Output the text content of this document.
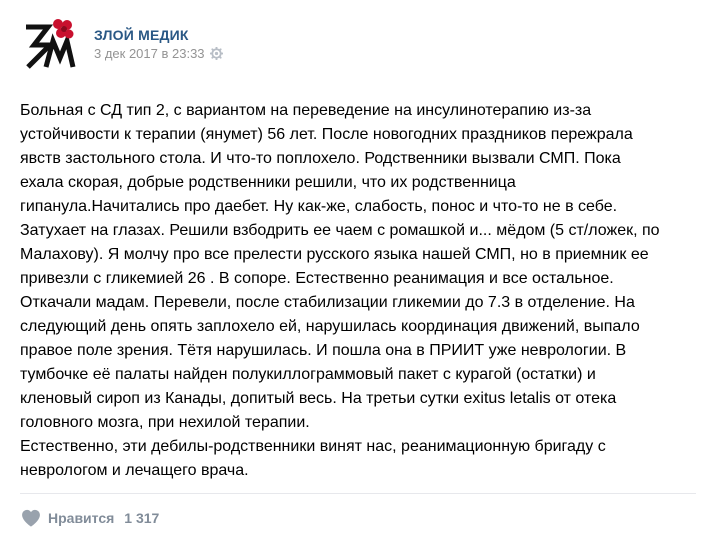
ЗЛОЙ МЕДИК
3 дек 2017 в 23:33
Больная с СД тип 2, с вариантом на переведение на инсулинотерапию из-за
устойчивости к терапии (янумет) 56 лет. После новогодних праздников пережрала
явств застольного стола. И что-то поплохело. Родственники вызвали СМП. Пока
ехала скорая, добрые родственники решили, что их родственница
гипанула.Начитались про даебет. Ну как-же, слабость, понос и что-то не в себе.
Затухает на глазах. Решили взбодрить ее чаем с ромашкой и... мёдом (5 ст/ложек, по
Малахову). Я молчу про все прелести русского языка нашей СМП, но в приемник ее
привезли с гликемией 26 . В сопоре. Естественно реанимация и все остальное.
Откачали мадам. Перевели, после стабилизации гликемии до 7.3 в отделение. На
следующий день опять заплохело ей, нарушилась координация движений, выпало
правое поле зрения. Тётя нарушилась. И пошла она в ПРИИТ уже неврологии. В
тумбочке её палаты найден полукиллограммовый пакет с курагой (остатки) и
кленовый сироп из Канады, допитый весь. На третьи сутки exitus letalis от отека
головного мозга, при нехилой терапии.
Естественно, эти дебилы-родственники винят нас, реанимационную бригаду с
неврологом и лечащего врача.
Нравится 1 317
